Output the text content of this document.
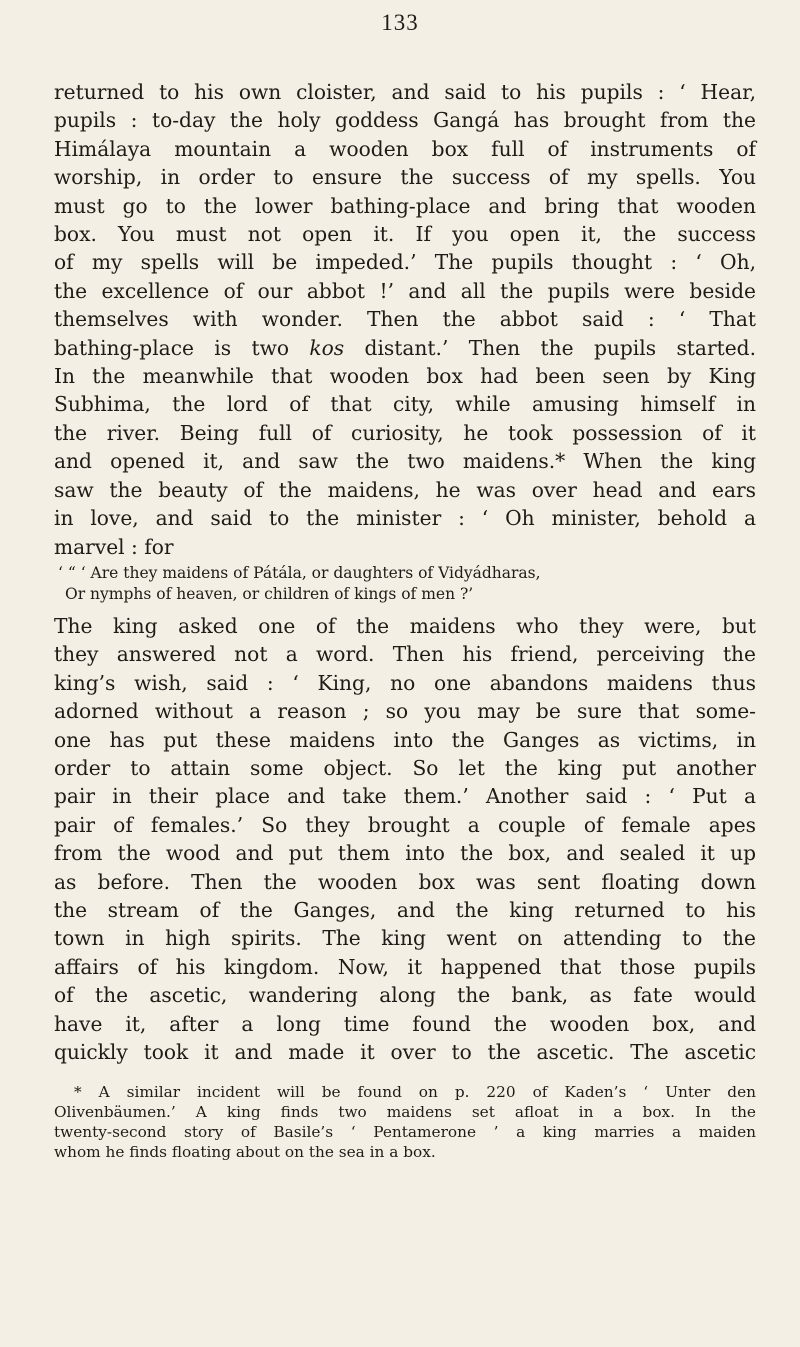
133
returned to his own cloister, and said to his pupils : ‘ Hear,
pupils : to-day the holy goddess Gangá has brought from the
Himálaya mountain a wooden box full of instruments of
worship, in order to ensure the success of my spells. You
must go to the lower bathing-place and bring that wooden
box. You must not open it. If you open it, the success
of my spells will be impeded.’ The pupils thought : ‘ Oh,
the excellence of our abbot !’ and all the pupils were beside
themselves with wonder. Then the abbot said : ‘ That
bathing-place is two kos distant.’ Then the pupils started.
In the meanwhile that wooden box had been seen by King
Subhima, the lord of that city, while amusing himself in
the river. Being full of curiosity, he took possession of it
and opened it, and saw the two maidens.* When the king
saw the beauty of the maidens, he was over head and ears
in love, and said to the minister : ‘ Oh minister, behold a
marvel : for
‘ “ ‘ Are they maidens of Pátála, or daughters of Vidyádharas,
Or nymphs of heaven, or children of kings of men ?’
The king asked one of the maidens who they were, but
they answered not a word. Then his friend, perceiving the
king’s wish, said : ‘ King, no one abandons maidens thus
adorned without a reason ; so you may be sure that some-
one has put these maidens into the Ganges as victims, in
order to attain some object. So let the king put another
pair in their place and take them.’ Another said : ‘ Put a
pair of females.’ So they brought a couple of female apes
from the wood and put them into the box, and sealed it up
as before. Then the wooden box was sent floating down
the stream of the Ganges, and the king returned to his
town in high spirits. The king went on attending to the
affairs of his kingdom. Now, it happened that those pupils
of the ascetic, wandering along the bank, as fate would
have it, after a long time found the wooden box, and
quickly took it and made it over to the ascetic. The ascetic
* A similar incident will be found on p. 220 of Kaden’s ‘ Unter den
Olivenbäumen.’ A king finds two maidens set afloat in a box. In the
twenty-second story of Basile’s ‘ Pentamerone ’ a king marries a maiden
whom he finds floating about on the sea in a box.
